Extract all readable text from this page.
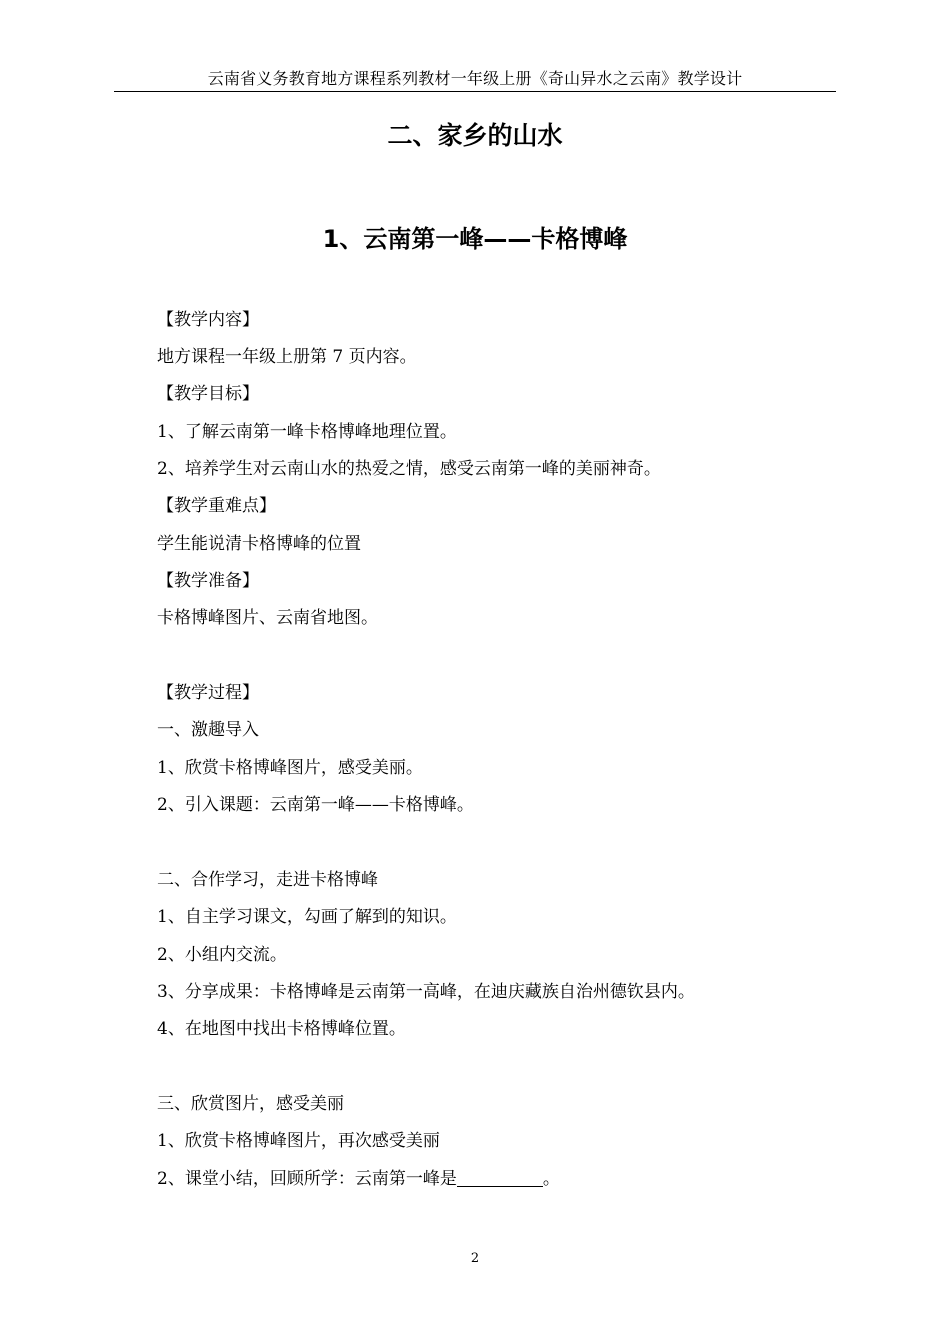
云南省义务教育地方课程系列教材一年级上册《奇山异水之云南》教学设计
二、家乡的山水
1、云南第一峰——卡格博峰
【教学内容】
地方课程一年级上册第 7 页内容。
【教学目标】
1、了解云南第一峰卡格博峰地理位置。
2、培养学生对云南山水的热爱之情，感受云南第一峰的美丽神奇。
【教学重难点】
学生能说清卡格博峰的位置
【教学准备】
卡格博峰图片、云南省地图。
【教学过程】
一、激趣导入
1、欣赏卡格博峰图片，感受美丽。
2、引入课题：云南第一峰——卡格博峰。
二、合作学习，走进卡格博峰
1、自主学习课文，勾画了解到的知识。
2、小组内交流。
3、分享成果：卡格博峰是云南第一高峰，在迪庆藏族自治州德钦县内。
4、在地图中找出卡格博峰位置。
三、欣赏图片，感受美丽
1、欣赏卡格博峰图片，再次感受美丽
2、课堂小结，回顾所学：云南第一峰是	。
2
